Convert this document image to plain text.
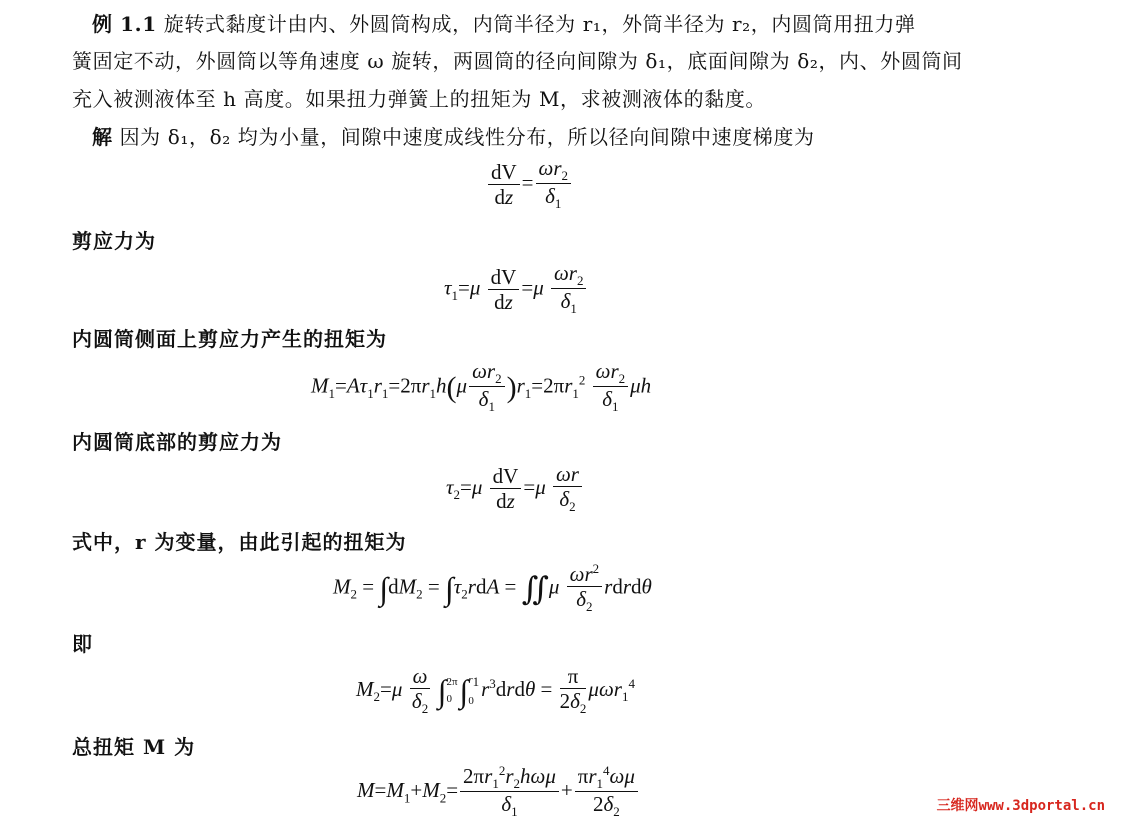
例 1.1 旋转式黏度计由内、外圆筒构成，内筒半径为 r₁，外筒半径为 r₂，内圆筒用扭力弹
簧固定不动，外圆筒以等角速度 ω 旋转，两圆筒的径向间隙为 δ₁，底面间隙为 δ₂，内、外圆筒间
充入被测液体至 h 高度。如果扭力弹簧上的扭矩为 M，求被测液体的黏度。
解 因为 δ₁，δ₂ 均为小量，间隙中速度成线性分布，所以径向间隙中速度梯度为
$\frac{dV}{dz} = \frac{\omega r_2}{\delta_1}$
剪应力为
$\tau_1=\mu \frac{dV}{dz} =\mu \frac{\omega r_2}{\delta_1}$
内圆筒侧面上剪应力产生的扭矩为
$M_1=A\tau_1r_1=2\pi r_1h(\mu \frac{\omega r_2}{\delta_1} )r_1=2\pi r_1^2 \frac{\omega r_2}{\delta_1}$ μh
内圆筒底部的剪应力为
$\tau_2=\mu \frac{dV}{dz} =\mu \frac{\omega r}{\delta_2}$
式中，r 为变量，由此引起的扭矩为
$M_2 = \int dM_2 = \int\tau_2rdA$ = ∬μ $\frac{\omega r^2}{\delta_2}$ rdrdθ
即
$M_2=\mu \frac{\omega}{\delta_2} \int 2\pi$
0 $\int r_1$
0 $r^3drd\theta = \frac{\pi}{2\delta_2} \mu\omega r_1^4$
总扭矩 M 为
$M=M_1+M_2= \frac{2\pi r_1^2r_2h\omega\mu}{\delta_1} + \frac{\pi r_1^4\omega\mu}{2\delta_2}$	三维网www.3dportal.cn
